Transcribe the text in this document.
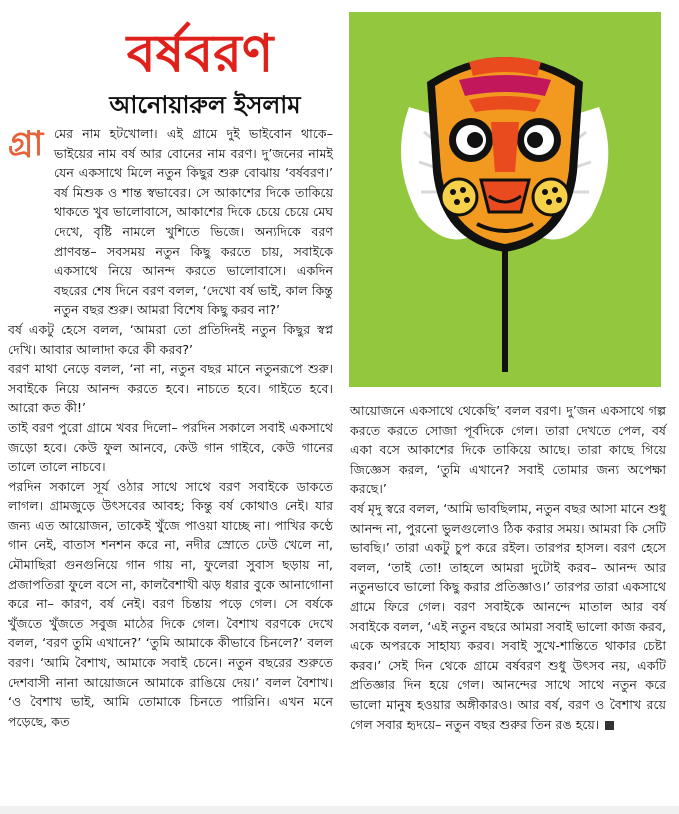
বর্ষবরণ
আনোয়ারুল ইসলাম
গ্রা মের নাম হটখোলা। এই গ্রামে দুই ভাইবোন থাকে– ভাইয়ের নাম বর্ষ আর বোনের নাম বরণ। দু’জনের নামই যেন একসাথে মিলে নতুন কিছুর শুরু বোঝায় ‘বর্ষবরণ।’ বর্ষ মিশুক ও শান্ত স্বভাবের। সে আকাশের দিকে তাকিয়ে থাকতে খুব ভালোবাসে, আকাশের দিকে চেয়ে চেয়ে মেঘ দেখে, বৃষ্টি নামলে খুশিতে ভিজে। অন্যদিকে বরণ প্রাণবন্ত– সবসময় নতুন কিছু করতে চায়, সবাইকে একসাথে নিয়ে আনন্দ করতে ভালোবাসে। একদিন বছরের শেষ দিনে বরণ বলল, ‘দেখো বর্ষ ভাই, কাল কিন্তু নতুন বছর শুরু। আমরা বিশেষ কিছু করব না?’

বর্ষ একটু হেসে বলল, ‘আমরা তো প্রতিদিনই নতুন কিছুর স্বপ্ন দেখি। আবার আলাদা করে কী করব?’

বরণ মাথা নেড়ে বলল, ‘না না, নতুন বছর মানে নতুনরূপে শুরু। সবাইকে নিয়ে আনন্দ করতে হবে। নাচতে হবে। গাইতে হবে। আরো কত কী!’

তাই বরণ পুরো গ্রামে খবর দিলো– পরদিন সকালে সবাই একসাথে জড়ো হবে। কেউ ফুল আনবে, কেউ গান গাইবে, কেউ গানের তালে তালে নাচবে।

পরদিন সকালে সূর্য ওঠার সাথে সাথে বরণ সবাইকে ডাকতে লাগল। গ্রামজুড়ে উৎসবের আবহ; কিন্তু বর্ষ কোথাও নেই। যার জন্য এত আয়োজন, তাকেই খুঁজে পাওয়া যাচ্ছে না। পাখির কণ্ঠে গান নেই, বাতাস শনশন করে না, নদীর স্রোতে ঢেউ খেলে না, মৌমাছিরা গুনগুনিয়ে গান গায় না, ফুলেরা সুবাস ছড়ায় না, প্রজাপতিরা ফুলে বসে না, কালবৈশাখী ঝড় ধরার বুকে আনাগোনা করে না– কারণ, বর্ষ নেই। বরণ চিন্তায় পড়ে গেল। সে বর্ষকে খুঁজতে খুঁজতে সবুজ মাঠের দিকে গেল। বৈশাখ বরণকে দেখে বলল, ‘বরণ তুমি এখানে?’ ‘তুমি আমাকে কীভাবে চিনলে?’ বলল বরণ। ‘আমি বৈশাখ, আমাকে সবাই চেনে। নতুন বছরের শুরুতে দেশবাসী নানা আয়োজনে আমাকে রাঙিয়ে দেয়।’ বলল বৈশাখ। ‘ও বৈশাখ ভাই, আমি তোমাকে চিনতে পারিনি। এখন মনে পড়েছে, কত

আয়োজনে একসাথে থেকেছি’ বলল বরণ। দু’জন একসাথে গল্প করতে করতে সোজা পূর্বদিকে গেল। তারা দেখতে পেল, বর্ষ একা বসে আকাশের দিকে তাকিয়ে আছে। তারা কাছে গিয়ে জিজ্ঞেস করল, ‘তুমি এখানে? সবাই তোমার জন্য অপেক্ষা করছে।’

বর্ষ মৃদু স্বরে বলল, ‘আমি ভাবছিলাম, নতুন বছর আসা মানে শুধু আনন্দ না, পুরনো ভুলগুলোও ঠিক করার সময়। আমরা কি সেটি ভাবছি।’ তারা একটু চুপ করে রইল। তারপর হাসল। বরণ হেসে বলল, ‘তাই তো! তাহলে আমরা দুটোই করব– আনন্দ আর নতুনভাবে ভালো কিছু করার প্রতিজ্ঞাও।’ তারপর তারা একসাথে গ্রামে ফিরে গেল। বরণ সবাইকে আনন্দে মাতাল আর বর্ষ সবাইকে বলল, ‘এই নতুন বছরে আমরা সবাই ভালো কাজ করব, একে অপরকে সাহায্য করব। সবাই সুখে-শান্তিতে থাকার চেষ্টা করব।’ সেই দিন থেকে গ্রামে বর্ষবরণ শুধু উৎসব নয়, একটি প্রতিজ্ঞার দিন হয়ে গেল। আনন্দের সাথে সাথে নতুন করে ভালো মানুষ হওয়ার অঙ্গীকারও। আর বর্ষ, বরণ ও বৈশাখ রয়ে গেল সবার হৃদয়ে– নতুন বছর শুরুর তিন রঙ হয়ে।
